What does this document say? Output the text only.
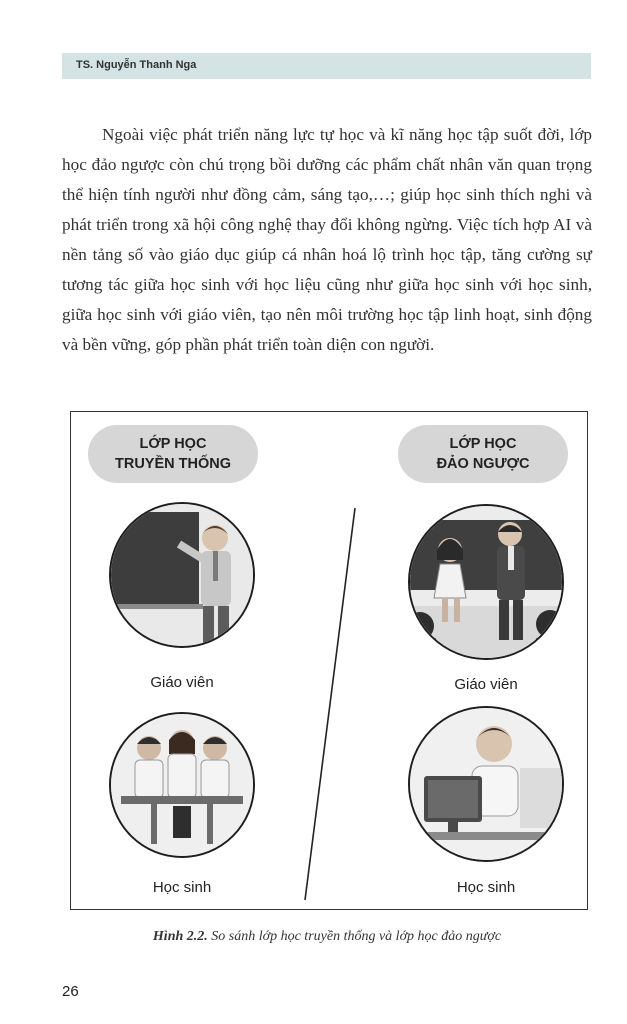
TS. Nguyễn Thanh Nga

Ngoài việc phát triển năng lực tự học và kĩ năng học tập suốt đời, lớp học đảo ngược còn chú trọng bồi dưỡng các phẩm chất nhân văn quan trọng thể hiện tính người như đồng cảm, sáng tạo,…; giúp học sinh thích nghi và phát triển trong xã hội công nghệ thay đổi không ngừng. Việc tích hợp AI và nền tảng số vào giáo dục giúp cá nhân hoá lộ trình học tập, tăng cường sự tương tác giữa học sinh với học liệu cũng như giữa học sinh với học sinh, giữa học sinh với giáo viên, tạo nên môi trường học tập linh hoạt, sinh động và bền vững, góp phần phát triển toàn diện con người.

LỚP HỌC
TRUYỀN THỐNG
LỚP HỌC
ĐẢO NGƯỢC
Giáo viên
Học sinh
Giáo viên
Học sinh
Hình 2.2. So sánh lớp học truyền thống và lớp học đảo ngược
26
